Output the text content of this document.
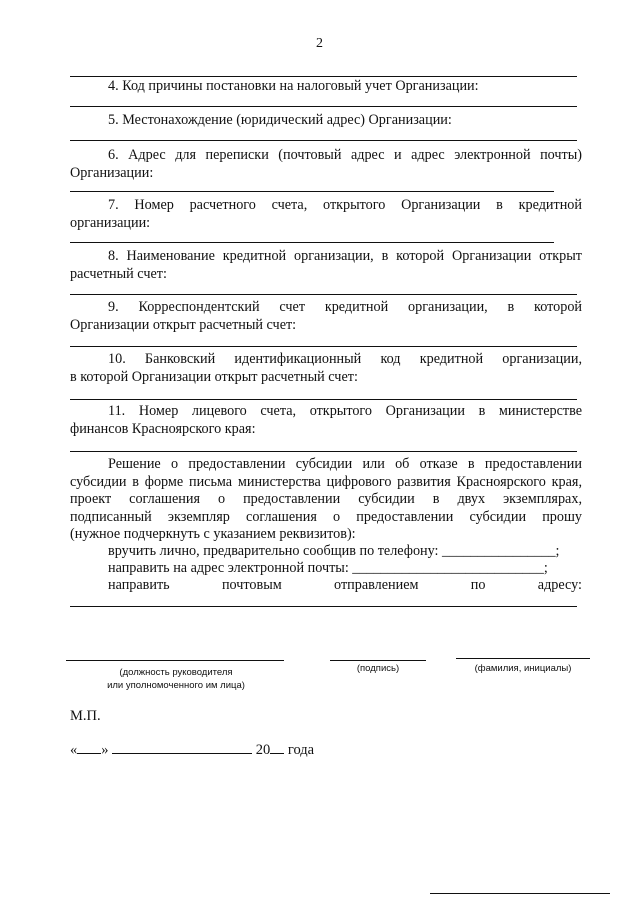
2
4. Код причины постановки на налоговый учет Организации:
5. Местонахождение (юридический адрес) Организации:
6. Адрес для переписки (почтовый адрес и адрес электронной почты)
Организации:
7. Номер расчетного счета, открытого Организации в кредитной
организации:
8. Наименование кредитной организации, в которой Организации открыт
расчетный счет:
9. Корреспондентский счет кредитной организации, в которой
Организации открыт расчетный счет:
10. Банковский идентификационный код кредитной организации,
в которой Организации открыт расчетный счет:
11. Номер лицевого счета, открытого Организации в министерстве
финансов Красноярского края:
Решение о предоставлении субсидии или об отказе в предоставлении
субсидии в форме письма министерства цифрового развития Красноярского края,
проект соглашения о предоставлении субсидии в двух экземплярах,
подписанный экземпляр соглашения о предоставлении субсидии прошу
(нужное подчеркнуть с указанием реквизитов):
вручить лично, предварительно сообщив по телефону: ________________;
направить на адрес электронной почты: ___________________________;
направить почтовым отправлением по адресу:
(должность руководителя
или уполномоченного им лица)
(подпись)	(фамилия, инициалы)
М.П.
« »	20 года
